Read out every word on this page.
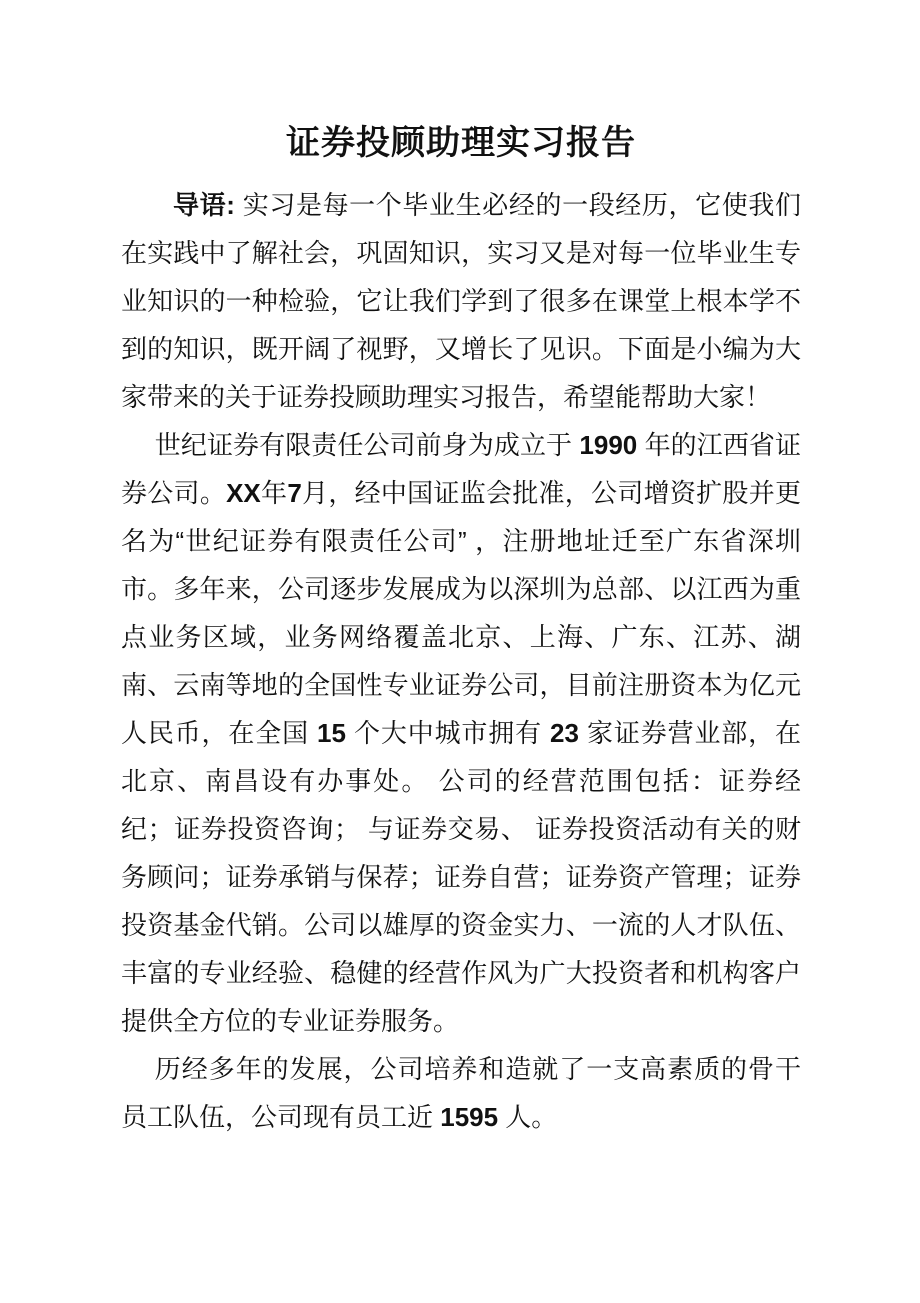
证券投顾助理实习报告

导语: 实习是每一个毕业生必经的一段经历，它使我们在实践中了解社会，巩固知识，实习又是对每一位毕业生专业知识的一种检验，它让我们学到了很多在课堂上根本学不到的知识，既开阔了视野，又增长了见识。下面是小编为大家带来的关于证券投顾助理实习报告，希望能帮助大家！

世纪证券有限责任公司前身为成立于 1990 年的江西省证券公司。XX年7月，经中国证监会批准，公司增资扩股并更名为“世纪证券有限责任公司” ，注册地址迁至广东省深圳市。多年来，公司逐步发展成为以深圳为总部、以江西为重点业务区域，业务网络覆盖北京、上海、广东、江苏、湖南、云南等地的全国性专业证券公司，目前注册资本为亿元人民币，在全国 15 个大中城市拥有 23 家证券营业部，在北京、南昌设有办事处。 公司的经营范围包括：证券经纪；证券投资咨询； 与证券交易、 证券投资活动有关的财务顾问；证券承销与保荐；证券自营；证券资产管理；证券投资基金代销。公司以雄厚的资金实力、一流的人才队伍、丰富的专业经验、稳健的经营作风为广大投资者和机构客户提供全方位的专业证券服务。

历经多年的发展，公司培养和造就了一支高素质的骨干员工队伍，公司现有员工近 1595 人。
